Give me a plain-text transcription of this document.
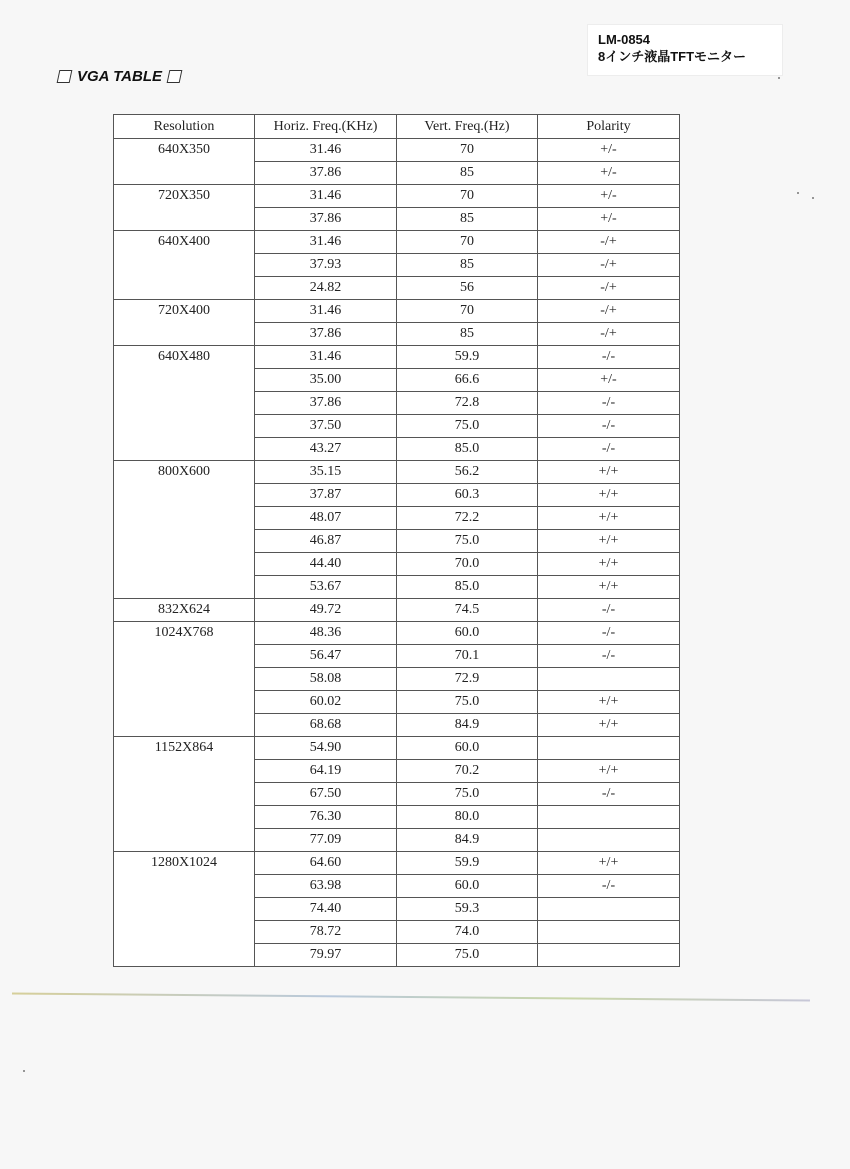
LM-0854
8インチ液晶TFTモニター
VGA TABLE
Resolution	Horiz. Freq.(KHz)	Vert. Freq.(Hz)	Polarity
640X350	31.46	70	+/-
	37.86	85	+/-
720X350	31.46	70	+/-
	37.86	85	+/-
640X400	31.46	70	-/+
	37.93	85	-/+
	24.82	56	-/+
720X400	31.46	70	-/+
	37.86	85	-/+
640X480	31.46	59.9	-/-
	35.00	66.6	+/-
	37.86	72.8	-/-
	37.50	75.0	-/-
	43.27	85.0	-/-
800X600	35.15	56.2	+/+
	37.87	60.3	+/+
	48.07	72.2	+/+
	46.87	75.0	+/+
	44.40	70.0	+/+
	53.67	85.0	+/+
832X624	49.72	74.5	-/-
1024X768	48.36	60.0	-/-
	56.47	70.1	-/-
	58.08	72.9	
	60.02	75.0	+/+
	68.68	84.9	+/+
1152X864	54.90	60.0	
	64.19	70.2	+/+
	67.50	75.0	-/-
	76.30	80.0	
	77.09	84.9	
1280X1024	64.60	59.9	+/+
	63.98	60.0	-/-
	74.40	59.3	
	78.72	74.0	
	79.97	75.0	
